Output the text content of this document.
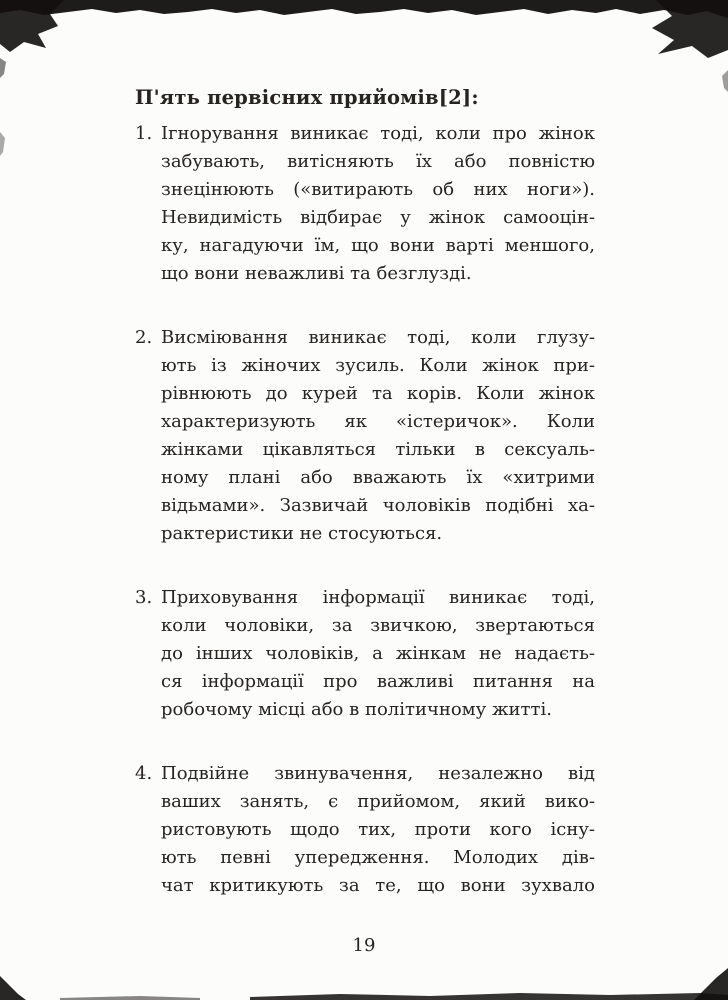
П'ять первісних прийомів[2]:
1. Ігнорування виникає тоді, коли про жінок
забувають, витісняють їх або повністю
знецінюють («витирають об них ноги»).
Невидимість відбирає у жінок самооцін-
ку, нагадуючи їм, що вони варті меншого,
що вони неважливі та безглузді.
2. Висміювання виникає тоді, коли глузу-
ють із жіночих зусиль. Коли жінок при-
рівнюють до курей та корів. Коли жінок
характеризують як «істеричок». Коли
жінками цікавляться тільки в сексуаль-
ному плані або вважають їх «хитрими
відьмами». Зазвичай чоловіків подібні ха-
рактеристики не стосуються.
3. Приховування інформації виникає тоді,
коли чоловіки, за звичкою, звертаються
до інших чоловіків, а жінкам не надаєть-
ся інформації про важливі питання на
робочому місці або в політичному житті.
4. Подвійне звинувачення, незалежно від
ваших занять, є прийомом, який вико-
ристовують щодо тих, проти кого існу-
ють певні упередження. Молодих дів-
чат критикують за те, що вони зухвало
19
